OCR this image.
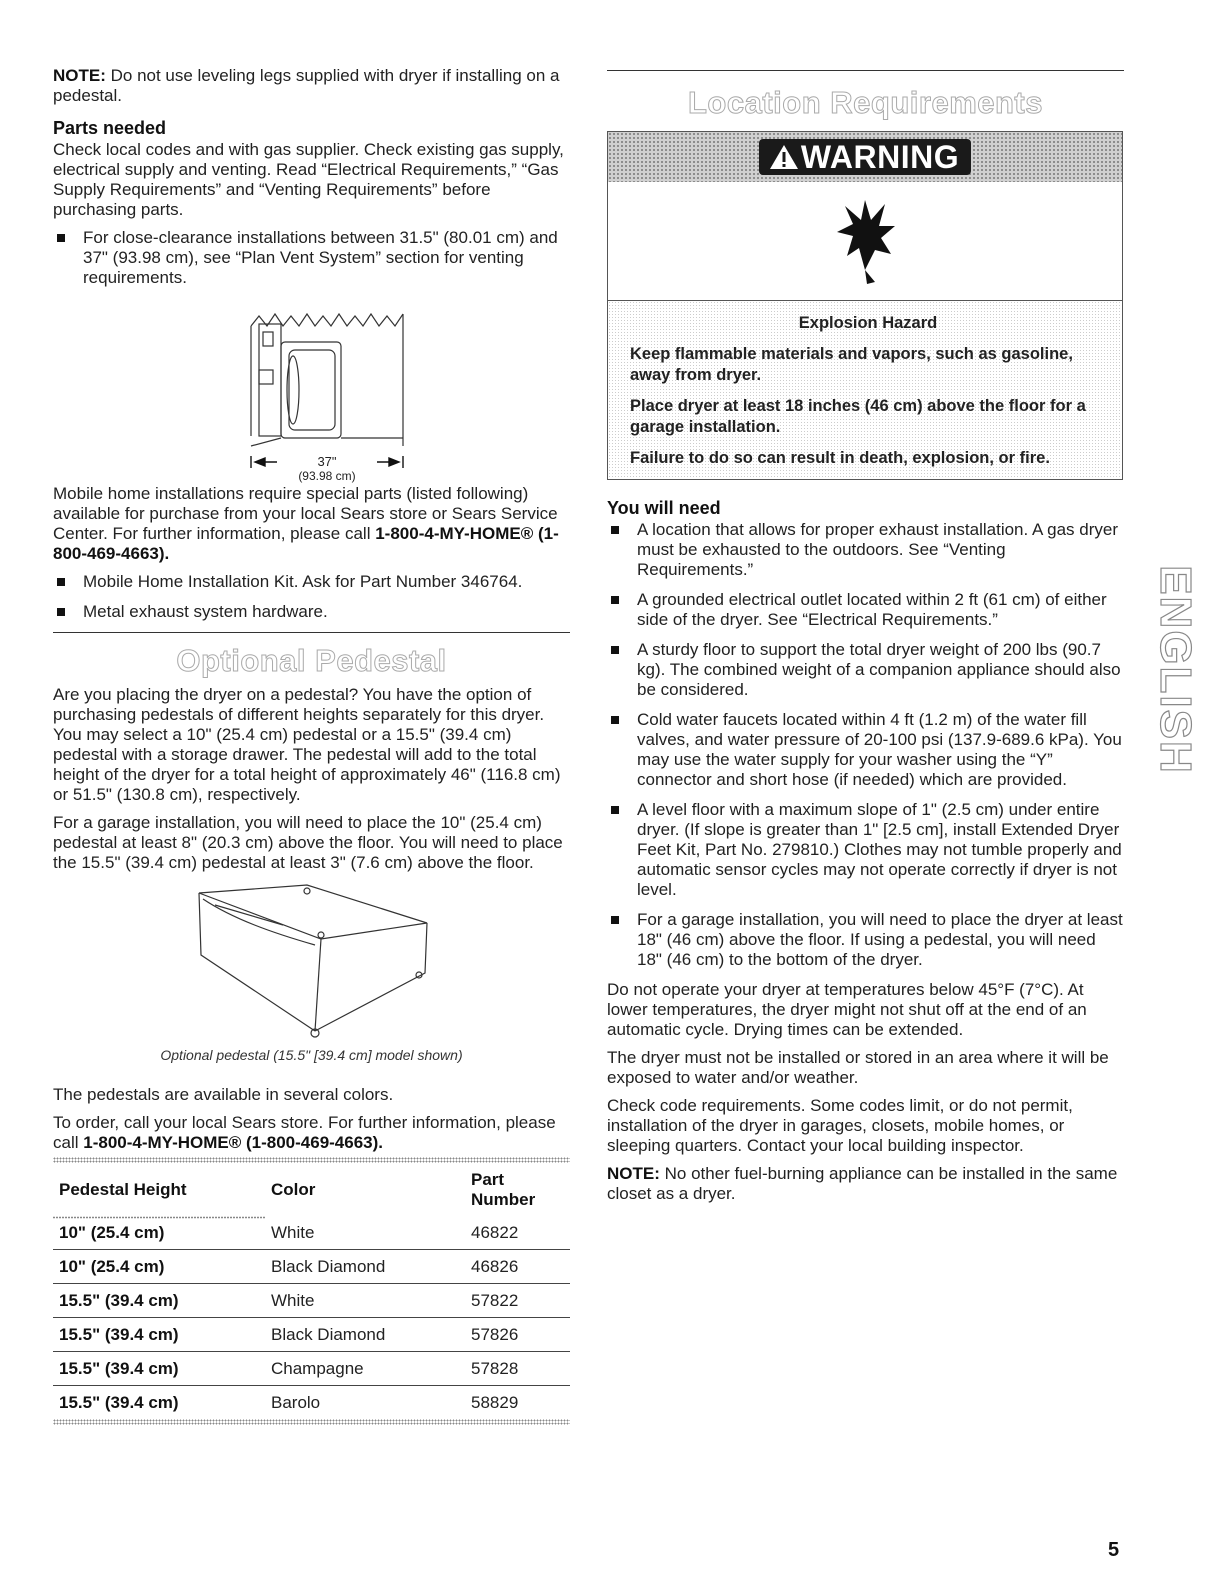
NOTE: Do not use leveling legs supplied with dryer if installing on a pedestal.

Parts needed

Check local codes and with gas supplier. Check existing gas supply, electrical supply and venting. Read “Electrical Requirements,” “Gas Supply Requirements” and “Venting Requirements” before purchasing parts.

For close-clearance installations between 31.5" (80.01 cm) and 37" (93.98 cm), see “Plan Vent System” section for venting requirements.
37"
(93.98 cm)

Mobile home installations require special parts (listed following) available for purchase from your local Sears store or Sears Service Center. For further information, please call 1-800-4-MY-HOME® (1-800-469-4663).

Mobile Home Installation Kit. Ask for Part Number 346764.
Metal exhaust system hardware.
Optional Pedestal

Are you placing the dryer on a pedestal? You have the option of purchasing pedestals of different heights separately for this dryer. You may select a 10" (25.4 cm) pedestal or a 15.5" (39.4 cm) pedestal with a storage drawer. The pedestal will add to the total height of the dryer for a total height of approximately 46" (116.8 cm) or 51.5" (130.8 cm), respectively.

For a garage installation, you will need to place the 10" (25.4 cm) pedestal at least 8" (20.3 cm) above the floor. You will need to place the 15.5" (39.4 cm) pedestal at least 3" (7.6 cm) above the floor.

Optional pedestal (15.5" [39.4 cm] model shown)

The pedestals are available in several colors.

To order, call your local Sears store. For further information, please call 1-800-4-MY-HOME® (1-800-469-4663).

Pedestal Height	Color	Part Number
10" (25.4 cm)	White	46822
10" (25.4 cm)	Black Diamond	46826
15.5" (39.4 cm)	White	57822
15.5" (39.4 cm)	Black Diamond	57826
15.5" (39.4 cm)	Champagne	57828
15.5" (39.4 cm)	Barolo	58829
Location Requirements
WARNING
Explosion Hazard

Keep flammable materials and vapors, such as gasoline, away from dryer.

Place dryer at least 18 inches (46 cm) above the floor for a garage installation.

Failure to do so can result in death, explosion, or fire.

You will need
A location that allows for proper exhaust installation. A gas dryer must be exhausted to the outdoors. See “Venting Requirements.”
A grounded electrical outlet located within 2 ft (61 cm) of either side of the dryer. See “Electrical Requirements.”
A sturdy floor to support the total dryer weight of 200 lbs (90.7 kg). The combined weight of a companion appliance should also be considered.
Cold water faucets located within 4 ft (1.2 m) of the water fill valves, and water pressure of 20-100 psi (137.9-689.6 kPa). You may use the water supply for your washer using the “Y” connector and short hose (if needed) which are provided.
A level floor with a maximum slope of 1" (2.5 cm) under entire dryer. (If slope is greater than 1" [2.5 cm], install Extended Dryer Feet Kit, Part No. 279810.) Clothes may not tumble properly and automatic sensor cycles may not operate correctly if dryer is not level.
For a garage installation, you will need to place the dryer at least 18" (46 cm) above the floor. If using a pedestal, you will need 18" (46 cm) to the bottom of the dryer.

Do not operate your dryer at temperatures below 45°F (7°C). At lower temperatures, the dryer might not shut off at the end of an automatic cycle. Drying times can be extended.

The dryer must not be installed or stored in an area where it will be exposed to water and/or weather.

Check code requirements. Some codes limit, or do not permit, installation of the dryer in garages, closets, mobile homes, or sleeping quarters. Contact your local building inspector.

NOTE: No other fuel-burning appliance can be installed in the same closet as a dryer.

ENGLISH
5
